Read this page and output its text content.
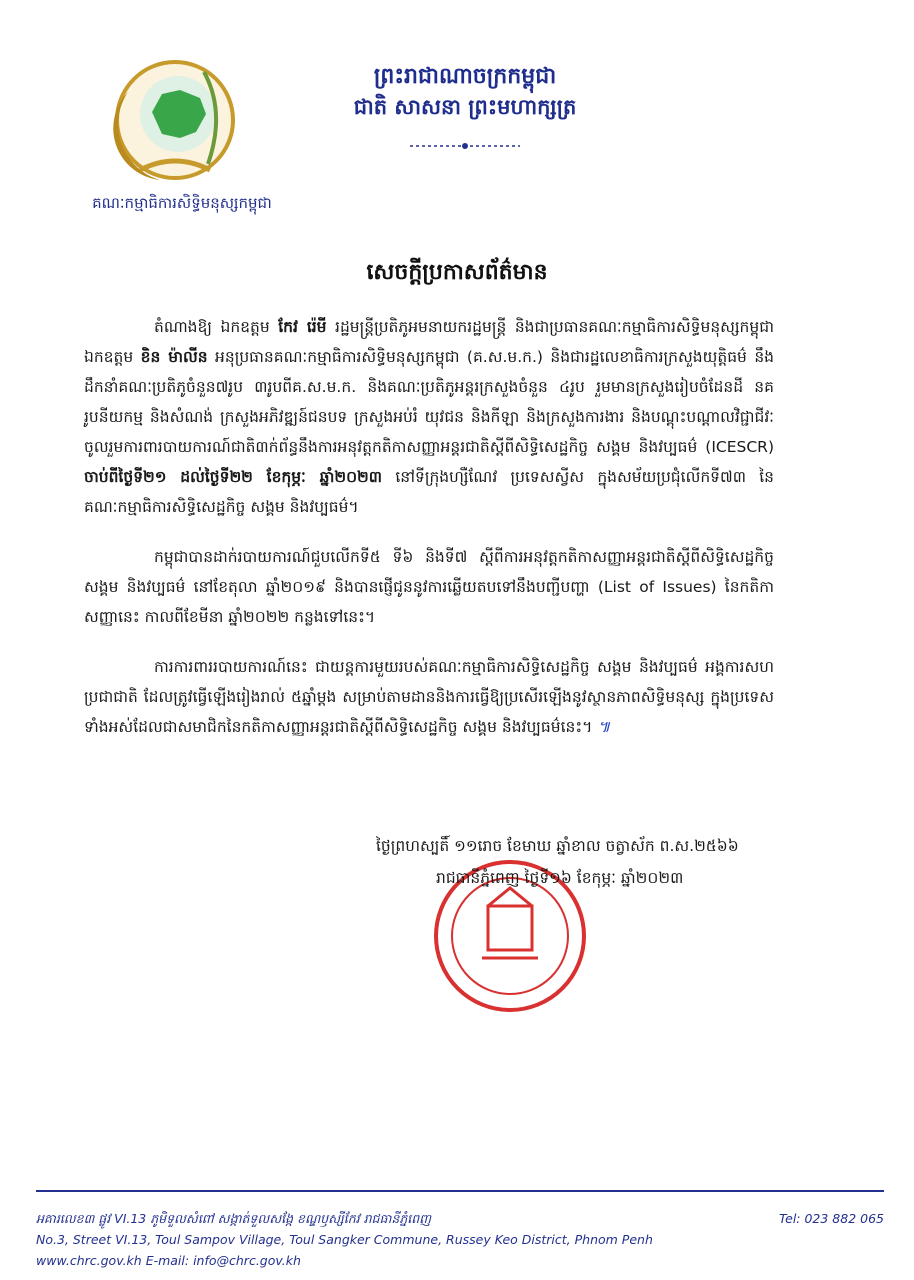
គណៈកម្មាធិការសិទ្ធិមនុស្សកម្ពុជា
ព្រះរាជាណាចក្រកម្ពុជា
ជាតិ សាសនា ព្រះមហាក្សត្រ
សេចក្តីប្រកាសព័ត៌មាន

តំណាងឱ្យ ឯកឧត្តម កែវ រ៉េមី រដ្ឋមន្ត្រីប្រតិភូអមនាយករដ្ឋមន្ត្រី និងជាប្រធានគណៈកម្មាធិការសិទ្ធិមនុស្សកម្ពុជា ឯកឧត្តម ខិន ម៉ាលីន អនុប្រធានគណៈកម្មាធិការសិទ្ធិមនុស្សកម្ពុជា (គ.ស.ម.ក.) និងជារដ្ឋលេខាធិការក្រសួងយុត្តិធម៌ នឹងដឹកនាំគណៈប្រតិភូចំនួន៧រូប ៣រូបពីគ.ស.ម.ក. និងគណៈប្រតិភូអន្តរក្រសួងចំនួន ៤រូប រួមមានក្រសួងរៀបចំដែនដី នគរូបនីយកម្ម និងសំណង់ ក្រសួងអភិវឌ្ឍន៍ជនបទ ក្រសួងអប់រំ យុវជន និងកីឡា និងក្រសួងការងារ និងបណ្តុះបណ្តាលវិជ្ជាជីវៈ ចូលរួមការពារបាយការណ៍ជាតិ៣ក់ព័ន្ធនឹងការអនុវត្តកតិកាសញ្ញាអន្តរជាតិស្តីពីសិទ្ធិសេដ្ឋកិច្ច សង្គម និងវប្បធម៌ (ICESCR) ចាប់ពីថ្ងៃទី២១ ដល់ថ្ងៃទី២២ ខែកុម្ភៈ ឆ្នាំ២០២៣ នៅទីក្រុងហ្សឺណែវ ប្រទេសស្វីស ក្នុងសម័យប្រជុំលើកទី៧៣ នៃគណៈកម្មាធិការសិទ្ធិសេដ្ឋកិច្ច សង្គម និងវប្បធម៌។

កម្ពុជាបានដាក់របាយការណ៍ជួបលើកទី៥ ទី៦ និងទី៧ ស្តីពីការអនុវត្តកតិកាសញ្ញាអន្តរជាតិស្តីពីសិទ្ធិសេដ្ឋកិច្ច សង្គម និងវប្បធម៌ នៅខែតុលា ឆ្នាំ២០១៩ និងបានផ្ញើជូននូវការឆ្លើយតបទៅនឹងបញ្ជីបញ្ហា (List of Issues) នៃកតិកាសញ្ញានេះ កាលពីខែមីនា ឆ្នាំ២០២២ កន្លងទៅនេះ។

ការការពាររបាយការណ៍នេះ ជាយន្តការមួយរបស់គណៈកម្មាធិការសិទ្ធិសេដ្ឋកិច្ច សង្គម និងវប្បធម៌ អង្គការសហប្រជាជាតិ ដែលត្រូវធ្វើឡើងរៀងរាល់ ៥ឆ្នាំម្តង សម្រាប់តាមដាននិងការធ្វើឱ្យប្រសើរឡើងនូវស្ថានភាពសិទ្ធិមនុស្ស ក្នុងប្រទេសទាំងអស់ដែលជាសមាជិកនៃកតិកាសញ្ញាអន្តរជាតិស្តីពីសិទ្ធិសេដ្ឋកិច្ច សង្គម និងវប្បធម៌នេះ។ ៕

ថ្ងៃព្រហស្បតិ៍ ១១រោច ខែមាឃ ឆ្នាំខាល ចត្វាស័ក ព.ស.២៥៦៦
រាជធានីភ្នំពេញ ថ្ងៃទី១៦ ខែកុម្ភៈ ឆ្នាំ២០២៣
អគារលេខ៣ ផ្លូវ VI.13 ភូមិទួលសំពៅ សង្កាត់ទួលសង្កែ ខណ្ឌឫស្សីកែវ រាជធានីភ្នំពេញ
No.3, Street VI.13, Toul Sampov Village, Toul Sangker Commune, Russey Keo District, Phnom Penh
www.chrc.gov.kh E-mail: info@chrc.gov.kh
Tel: 023 882 065
